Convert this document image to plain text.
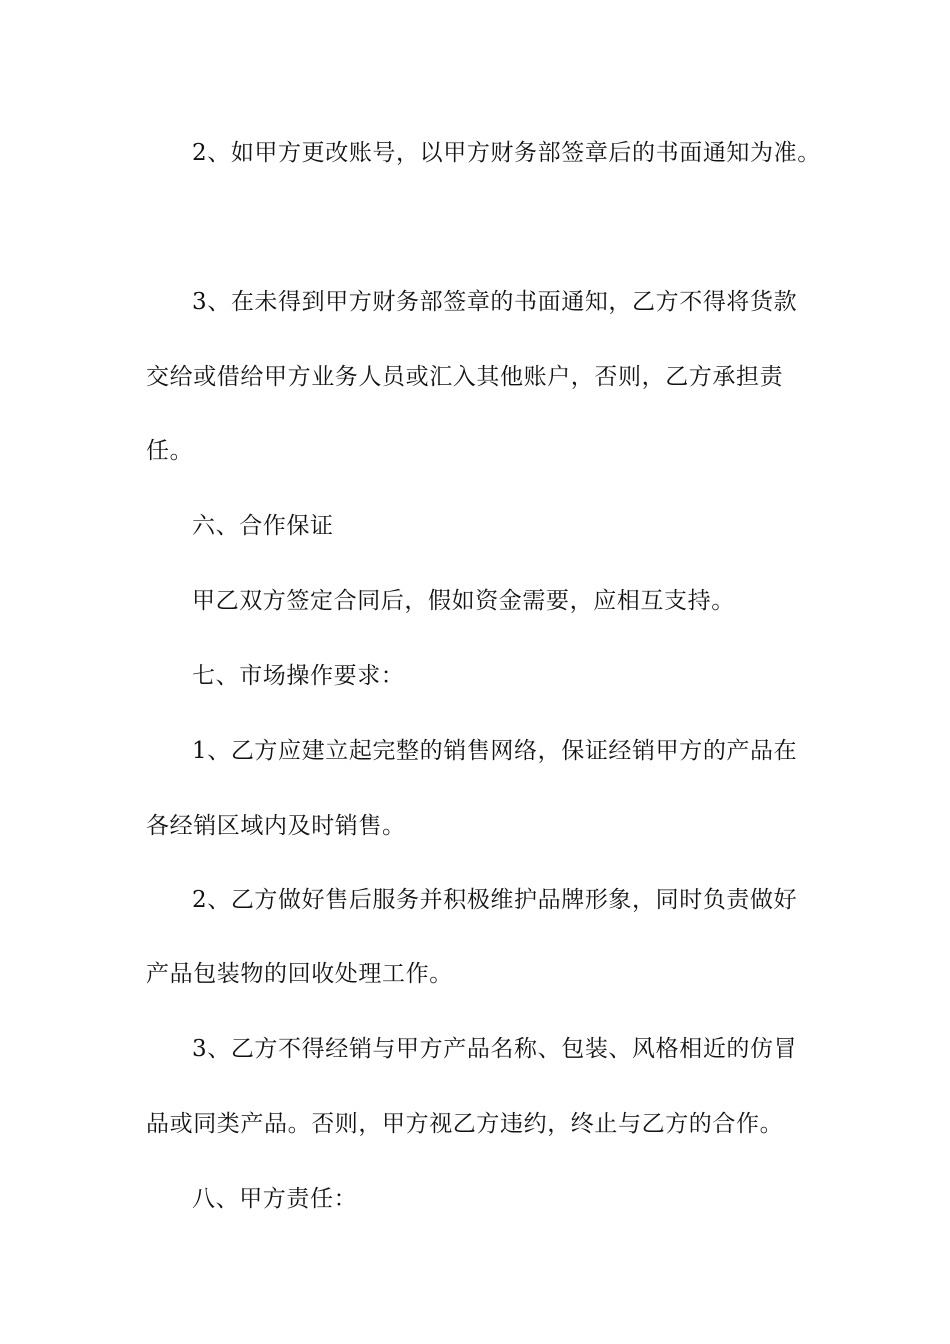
2、如甲方更改账号，以甲方财务部签章后的书面通知为准。
3、在未得到甲方财务部签章的书面通知，乙方不得将货款
交给或借给甲方业务人员或汇入其他账户，否则，乙方承担责
任。
六、合作保证
甲乙双方签定合同后，假如资金需要，应相互支持。
七、市场操作要求：
1、乙方应建立起完整的销售网络，保证经销甲方的产品在
各经销区域内及时销售。
2、乙方做好售后服务并积极维护品牌形象，同时负责做好
产品包装物的回收处理工作。
3、乙方不得经销与甲方产品名称、包装、风格相近的仿冒
品或同类产品。否则，甲方视乙方违约，终止与乙方的合作。
八、甲方责任：
